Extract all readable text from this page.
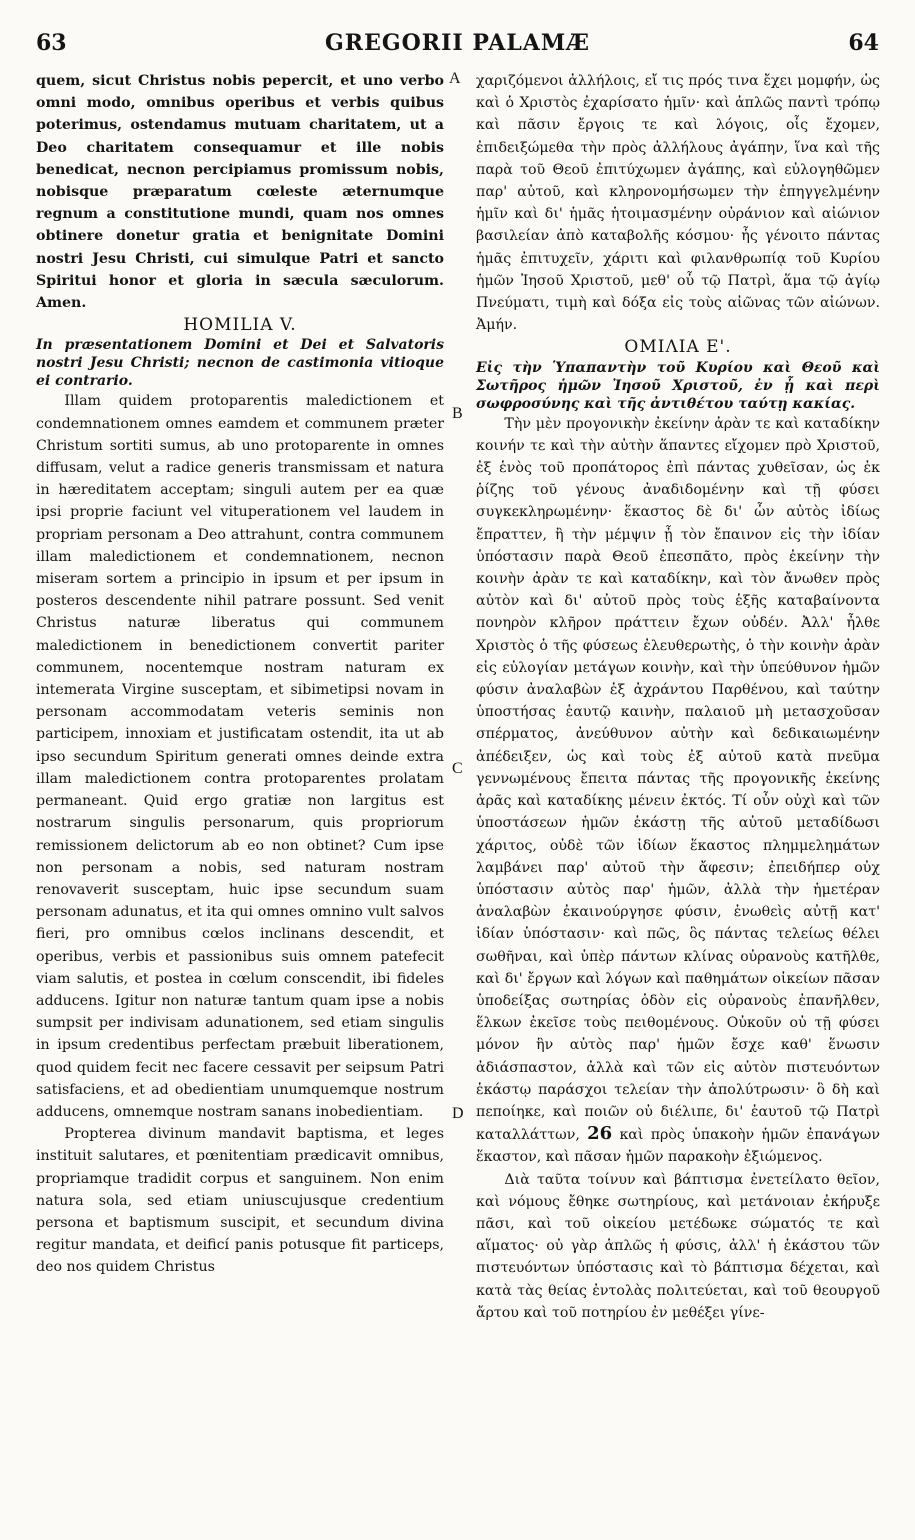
63	GREGORII PALAMÆ	64

quem, sicut Christus nobis pepercit, et uno verbo omni modo, omnibus operibus et verbis quibus poterimus, ostendamus mutuam charitatem, ut a Deo charitatem consequamur et ille nobis benedicat, necnon percipiamus promissum nobis, nobisque præparatum cœleste æternumque regnum a constitutione mundi, quam nos omnes obtinere donetur gratia et benignitate Domini nostri Jesu Christi, cui simulque Patri et sancto Spiritui honor et gloria in sæcula sæculorum. Amen.

HOMILIA V.

In præsentationem Domini et Dei et Salvatoris nostri Jesu Christi; necnon de castimonia vitioque ei contrario.

Illam quidem protoparentis maledictionem et condemnationem omnes eamdem et communem præter Christum sortiti sumus, ab uno protoparente in omnes diffusam, velut a radice generis transmissam et natura in hæreditatem acceptam; singuli autem per ea quæ ipsi proprie faciunt vel vituperationem vel laudem in propriam personam a Deo attrahunt, contra communem illam maledictionem et condemnationem, necnon miseram sortem a principio in ipsum et per ipsum in posteros descendente nihil patrare possunt. Sed venit Christus naturæ liberatus qui communem maledictionem in benedictionem convertit pariter communem, nocentemque nostram naturam ex intemerata Virgine susceptam, et sibimetipsi novam in personam accommodatam veteris seminis non participem, innoxiam et justificatam ostendit, ita ut ab ipso secundum Spiritum generati omnes deinde extra illam maledictionem contra protoparentes prolatam permaneant. Quid ergo gratiæ non largitus est nostrarum singulis personarum, quis propriorum remissionem delictorum ab eo non obtinet? Cum ipse non personam a nobis, sed naturam nostram renovaverit susceptam, huic ipse secundum suam personam adunatus, et ita qui omnes omnino vult salvos fieri, pro omnibus cœlos inclinans descendit, et operibus, verbis et passionibus suis omnem patefecit viam salutis, et postea in cœlum conscendit, ibi fideles adducens. Igitur non naturæ tantum quam ipse a nobis sumpsit per indivisam adunationem, sed etiam singulis in ipsum credentibus perfectam præbuit liberationem, quod quidem fecit nec facere cessavit per seipsum Patri satisfaciens, et ad obedientiam unumquemque nostrum adducens, omnemque nostram sanans inobedientiam.

Propterea divinum mandavit baptisma, et leges instituit salutares, et pœnitentiam prædicavit omnibus, propriamque tradidit corpus et sanguinem. Non enim natura sola, sed etiam uniuscujusque credentium persona et baptismum suscipit, et secundum divina regitur mandata, et deificí panis potusque fit particeps, deo nos quidem Christus

χαριζόμενοι ἀλλήλοις, εἴ τις πρός τινα ἔχει μομφήν, ὡς καὶ ὁ Χριστὸς ἐχαρίσατο ἡμῖν· καὶ ἁπλῶς παντὶ τρόπῳ καὶ πᾶσιν ἔργοις τε καὶ λόγοις, οἷς ἔχομεν, ἐπιδειξώμεθα τὴν πρὸς ἀλλήλους ἀγάπην, ἵνα καὶ τῆς παρὰ τοῦ Θεοῦ ἐπιτύχωμεν ἀγάπης, καὶ εὐλογηθῶμεν παρ' αὐτοῦ, καὶ κληρονομήσωμεν τὴν ἐπηγγελμένην ἡμῖν καὶ δι' ἡμᾶς ἡτοιμασμένην οὐράνιον καὶ αἰώνιον βασιλείαν ἀπὸ καταβολῆς κόσμου· ἧς γένοιτο πάντας ἡμᾶς ἐπιτυχεῖν, χάριτι καὶ φιλανθρωπίᾳ τοῦ Κυρίου ἡμῶν Ἰησοῦ Χριστοῦ, μεθ' οὗ τῷ Πατρὶ, ἅμα τῷ ἁγίῳ Πνεύματι, τιμὴ καὶ δόξα εἰς τοὺς αἰῶνας τῶν αἰώνων. Ἀμήν.

ΟΜΙΛΙΑ Ε'.

Εἰς τὴν Ὑπαπαντὴν τοῦ Κυρίου καὶ Θεοῦ καὶ Σωτῆρος ἡμῶν Ἰησοῦ Χριστοῦ, ἐν ᾗ καὶ περὶ σωφροσύνης καὶ τῆς ἀντιθέτου ταύτῃ κακίας.

Τὴν μὲν προγονικὴν ἐκείνην ἀρὰν τε καὶ καταδίκην κοινήν τε καὶ τὴν αὐτὴν ἅπαντες εἴχομεν πρὸ Χριστοῦ, ἐξ ἑνὸς τοῦ προπάτορος ἐπὶ πάντας χυθεῖσαν, ὡς ἐκ ῥίζης τοῦ γένους ἀναδιδομένην καὶ τῇ φύσει συγκεκληρωμένην· ἕκαστος δὲ δι' ὧν αὐτὸς ἰδίως ἔπραττεν, ἢ τὴν μέμψιν ᾖ τὸν ἔπαινον εἰς τὴν ἰδίαν ὑπόστασιν παρὰ Θεοῦ ἐπεσπᾶτο, πρὸς ἐκείνην τὴν κοινὴν ἀρὰν τε καὶ καταδίκην, καὶ τὸν ἄνωθεν πρὸς αὐτὸν καὶ δι' αὐτοῦ πρὸς τοὺς ἑξῆς καταβαίνοντα πονηρὸν κλῆρον πράττειν ἔχων οὐδέν. Ἀλλ' ἦλθε Χριστὸς ὁ τῆς φύσεως ἐλευθερωτὴς, ὁ τὴν κοινὴν ἀρὰν εἰς εὐλογίαν μετάγων κοινὴν, καὶ τὴν ὑπεύθυνον ἡμῶν φύσιν ἀναλαβὼν ἐξ ἀχράντου Παρθένου, καὶ ταύτην ὑποστήσας ἑαυτῷ καινὴν, παλαιοῦ μὴ μετασχοῦσαν σπέρματος, ἀνεύθυνον αὐτὴν καὶ δεδικαιωμένην ἀπέδειξεν, ὡς καὶ τοὺς ἐξ αὐτοῦ κατὰ πνεῦμα γεννωμένους ἔπειτα πάντας τῆς προγονικῆς ἐκείνης ἀρᾶς καὶ καταδίκης μένειν ἐκτός. Τί οὖν οὐχὶ καὶ τῶν ὑποστάσεων ἡμῶν ἑκάστῃ τῆς αὐτοῦ μεταδίδωσι χάριτος, οὐδὲ τῶν ἰδίων ἕκαστος πλημμελημάτων λαμβάνει παρ' αὐτοῦ τὴν ἄφεσιν; ἐπειδήπερ οὐχ ὑπόστασιν αὐτὸς παρ' ἡμῶν, ἀλλὰ τὴν ἡμετέραν ἀναλαβὼν ἐκαινούργησε φύσιν, ἑνωθεὶς αὐτῇ κατ' ἰδίαν ὑπόστασιν· καὶ πῶς, ὃς πάντας τελείως θέλει σωθῆναι, καὶ ὑπὲρ πάντων κλίνας οὐρανοὺς κατῆλθε, καὶ δι' ἔργων καὶ λόγων καὶ παθημάτων οἰκείων πᾶσαν ὑποδείξας σωτηρίας ὁδὸν εἰς οὐρανοὺς ἐπανῆλθεν, ἕλκων ἐκεῖσε τοὺς πειθομένους. Οὐκοῦν οὐ τῇ φύσει μόνον ἣν αὐτὸς παρ' ἡμῶν ἔσχε καθ' ἕνωσιν ἀδιάσπαστον, ἀλλὰ καὶ τῶν εἰς αὐτὸν πιστευόντων ἑκάστῳ παράσχοι τελείαν τὴν ἀπολύτρωσιν· ὃ δὴ καὶ πεποίηκε, καὶ ποιῶν οὐ διέλιπε, δι' ἑαυτοῦ τῷ Πατρὶ καταλλάττων, 26 καὶ πρὸς ὑπακοὴν ἡμῶν ἐπανάγων ἕκαστον, καὶ πᾶσαν ἡμῶν παρακοὴν ἐξιώμενος.

Διὰ ταῦτα τοίνυν καὶ βάπτισμα ἐνετείλατο θεῖον, καὶ νόμους ἔθηκε σωτηρίους, καὶ μετάνοιαν ἐκήρυξε πᾶσι, καὶ τοῦ οἰκείου μετέδωκε σώματός τε καὶ αἵματος· οὐ γὰρ ἁπλῶς ἡ φύσις, ἀλλ' ἡ ἑκάστου τῶν πιστευόντων ὑπόστασις καὶ τὸ βάπτισμα δέχεται, καὶ κατὰ τὰς θείας ἐντολὰς πολιτεύεται, καὶ τοῦ θεουργοῦ ἄρτου καὶ τοῦ ποτηρίου ἐν μεθέξει γίνε-

A
B
C
D
